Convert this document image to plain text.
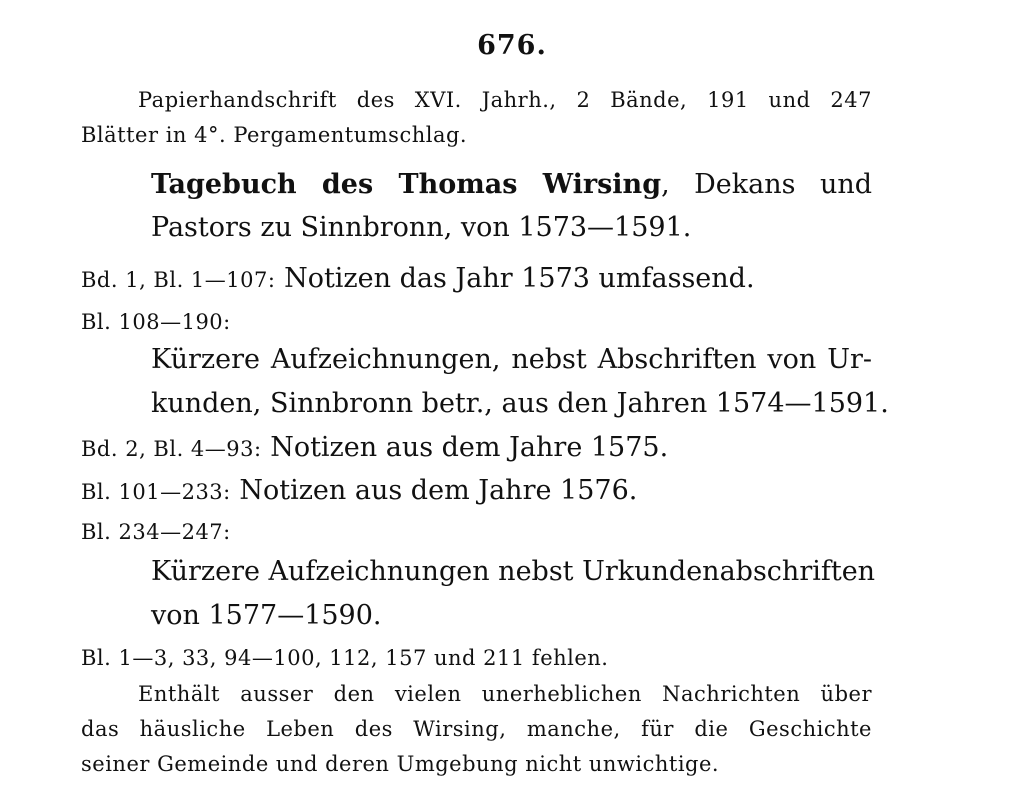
676.

Papierhandschrift des XVI. Jahrh., 2 Bände, 191 und 247

Blätter in 4°. Pergamentumschlag.

Tagebuch des Thomas Wirsing, Dekans und

Pastors zu Sinnbronn, von 1573—1591.

Bd. 1, Bl. 1—107: Notizen das Jahr 1573 umfassend.

Bl. 108—190:

Kürzere Aufzeichnungen, nebst Abschriften von Ur-

kunden, Sinnbronn betr., aus den Jahren 1574—1591.

Bd. 2, Bl. 4—93: Notizen aus dem Jahre 1575.

Bl. 101—233: Notizen aus dem Jahre 1576.

Bl. 234—247:

Kürzere Aufzeichnungen nebst Urkundenabschriften

von 1577—1590.

Bl. 1—3, 33, 94—100, 112, 157 und 211 fehlen.

Enthält ausser den vielen unerheblichen Nachrichten über

das häusliche Leben des Wirsing, manche, für die Geschichte

seiner Gemeinde und deren Umgebung nicht unwichtige.
